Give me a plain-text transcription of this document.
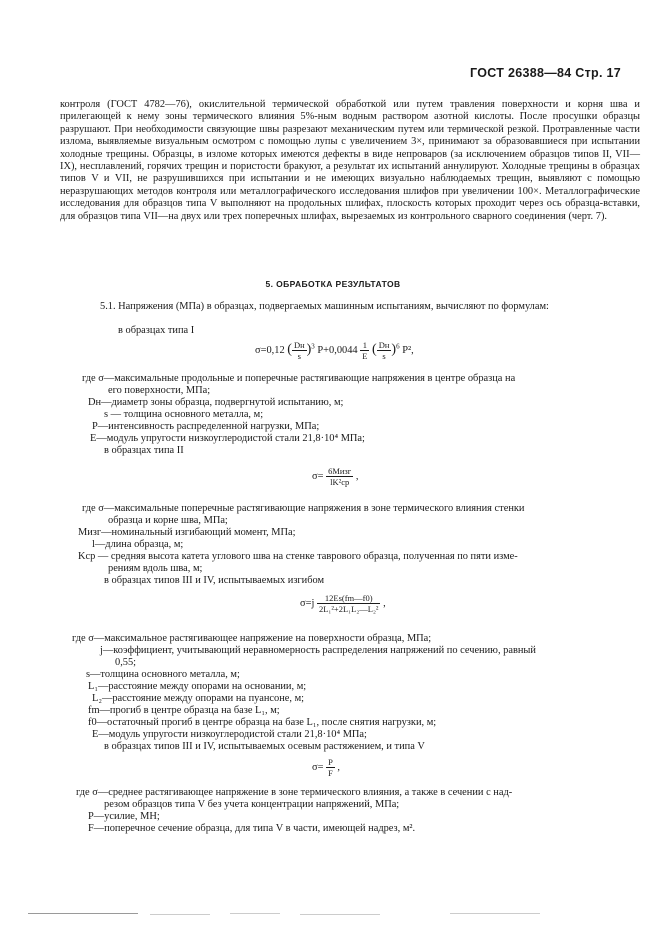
ГОСТ 26388—84 Стр. 17

контроля (ГОСТ 4782—76), окислительной термической обработкой или путем травления поверхности и корня шва и прилегающей к нему зоны термического влияния 5%-ным водным раствором азотной кислоты. После просушки образцы разрушают. При необходимости связующие швы разрезают механическим путем или термической резкой. Протравленные части излома, выявляемые визуальным осмотром с помощью лупы с увеличением 3×, принимают за образовавшиеся при испытании холодные трещины. Образцы, в изломе которых имеются дефекты в виде непроваров (за исключением образцов типов II, VII—IX), несплавлений, горячих трещин и пористости бракуют, а результат их испытаний аннулируют. Холодные трещины в образцах типов V и VII, не разрушившихся при испытании и не имеющих визуально наблюдаемых трещин, выявляют с помощью неразрушающих методов контроля или металлографического исследования шлифов при увеличении 100×. Металлографические исследования для образцов типа V выполняют на продольных шлифах, плоскость которых проходит через ось образца-вставки, для образцов типа VII—на двух или трех поперечных шлифах, вырезаемых из контрольного сварного соединения (черт. 7).

5. ОБРАБОТКА РЕЗУЛЬТАТОВ
5.1. Напряжения (МПа) в образцах, подвергаемых машинным испытаниям, вычисляют по формулам:
в образцах типа I
σ=0,12 ( $\frac{Dн}{s} )^3$ $P+0,0044 \frac{1}{E}$ ( $\frac{Dн}{s} )^6$ P²,
где σ—максимальные продольные и поперечные растягивающие напряжения в центре образца на
его поверхности, МПа;
Dн—диаметр зоны образца, подвергнутой испытанию, м;
s — толщина основного металла, м;
P—интенсивность распределенной нагрузки, МПа;
E—модуль упругости низкоуглеродистой стали 21,8·10⁴ МПа;
в образцах типа II
$\sigma= \frac{\text{6Mизг}}{\text{lK²ср}}$ ,
где σ—максимальные поперечные растягивающие напряжения в зоне термического влияния стенки
образца и корне шва, МПа;
Mизг—номинальный изгибающий момент, МПа;
l—длина образца, м;
Kср — средняя высота катета углового шва на стенке таврового образца, полученная по пяти изме-
рениям вдоль шва, м;
в образцах типов III и IV, испытываемых изгибом
$\sigma=j \frac{12Es(fm—f0)}{\text{2L₁²+2L₁L₂—L₂²}}$ ,
где σ—максимальное растягивающее напряжение на поверхности образца, МПа;
j—коэффициент, учитывающий неравномерность распределения напряжений по сечению, равный
0,55;
s—толщина основного металла, м;
L₁—расстояние между опорами на основании, м;
L₂—расстояние между опорами на пуансоне, м;
fm—прогиб в центре образца на базе L₁, м;
f0—остаточный прогиб в центре образца на базе L₁, после снятия нагрузки, м;
E—модуль упругости низкоуглеродистой стали 21,8·10⁴ МПа;
в образцах типов III и IV, испытываемых осевым растяжением, и типа V
$\sigma= \frac{P}{F}$ ,
где σ—среднее растягивающее напряжение в зоне термического влияния, а также в сечении с над-
резом образцов типа V без учета концентрации напряжений, МПа;
P—усилие, МН;
F—поперечное сечение образца, для типа V в части, имеющей надрез, м².
